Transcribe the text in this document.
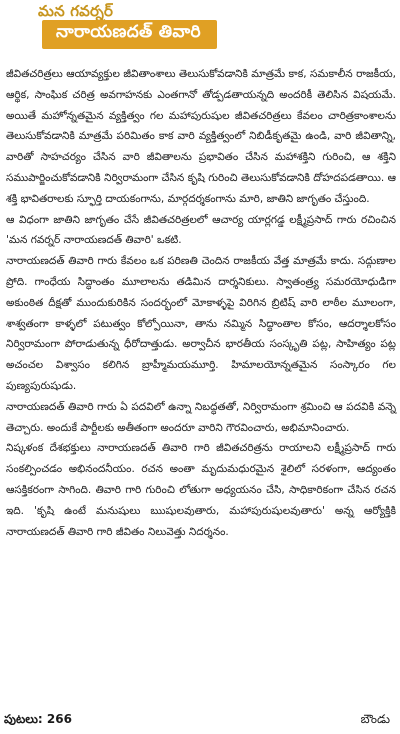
మన గవర్నర్
నారాయణదత్ తివారి

జీవితచరిత్రలు ఆయావ్యక్తుల జీవితాంశాలు తెలుసుకోవడానికి మాత్రమే కాక, సమకాలీన రాజకీయ, ఆర్థిక, సాంఘిక చరిత్ర అవగాహనకు ఎంతగానో తోడ్పడతాయన్నది అందరికీ తెలిసిన విషయమే. అయితే మహోన్నతమైన వ్యక్తిత్వం గల మహాపురుషుల జీవితచరిత్రలు కేవలం చారిత్రకాంశాలను తెలుసుకోవడానికి మాత్రమే పరిమితం కాక వారి వ్యక్తిత్వంలో నిబిడీకృతమై ఉండి, వారి జీవితాన్ని, వారితో సాహచర్యం చేసిన వారి జీవితాలను ప్రభావితం చేసిన మహాశక్తిని గురించి, ఆ శక్తిని సముపార్జించుకోవడానికి నిర్విరామంగా చేసిన కృషి గురించి తెలుసుకోవడానికి దోహదపడతాయి. ఆ శక్తి భావితరాలకు స్ఫూర్తి దాయకంగాను, మార్గదర్శకంగాను మారి, జాతిని జాగృతం చేస్తుంది.

ఆ విధంగా జాతిని జాగృతం చేసే జీవితచరిత్రలలో ఆచార్య యార్లగడ్డ లక్ష్మీప్రసాద్ గారు రచించిన 'మన గవర్నర్ నారాయణదత్ తివారి' ఒకటి.

నారాయణదత్ తివారి గారు కేవలం ఒక పరిణతి చెందిన రాజకీయ వేత్త మాత్రమే కాదు. సద్గుణాల ప్రోది. గాంధేయ సిద్ధాంతం మూలాలను తడిమిన దార్శనికులు. స్వాతంత్ర్య సమరయోధుడిగా అకుంఠిత దీక్షతో ముందుకురికిన సందర్భంలో మోకాళ్ళపై విరిగిన బ్రిటిష్ వారి లాఠీల మూలంగా, శాశ్వతంగా కాళ్ళలో పటుత్వం కోల్పోయినా, తాను నమ్మిన సిద్ధాంతాల కోసం, ఆదర్శాలకోసం నిర్విరామంగా పోరాడుతున్న ధీరోదాత్తుడు. అర్వాచీన భారతీయ సంస్కృతి పట్ల, సాహిత్యం పట్ల అచంచల విశ్వాసం కలిగిన బ్రాహ్మీమయమూర్తి. హిమాలయోన్నతమైన సంస్కారం గల పుణ్యపురుషుడు.

నారాయణదత్ తివారి గారు ఏ పదవిలో ఉన్నా నిబద్ధతతో, నిర్విరామంగా శ్రమించి ఆ పదవికి వన్నె తెచ్చారు. అందుకే పార్టీలకు అతీతంగా అందరూ వారిని గౌరవించారు, అభిమానించారు.

నిష్కళంక దేశభక్తులు నారాయణదత్ తివారి గారి జీవితచరిత్రను రాయాలని లక్ష్మీప్రసాద్ గారు సంకల్పించడం అభినందనీయం. రచన అంతా మృదుమధురమైన శైలిలో సరళంగా, ఆద్యంతం ఆసక్తికరంగా సాగింది. తివారి గారి గురించి లోతుగా అధ్యయనం చేసి, సాధికారికంగా చేసిన రచన ఇది. 'కృషి ఉంటే మనుషులు ఋషులవుతారు, మహాపురుషులవుతారు' అన్న ఆర్యోక్తికి నారాయణదత్ తివారి గారి జీవితం నిలువెత్తు నిదర్శనం.

పుటలు: 266	బౌండు
